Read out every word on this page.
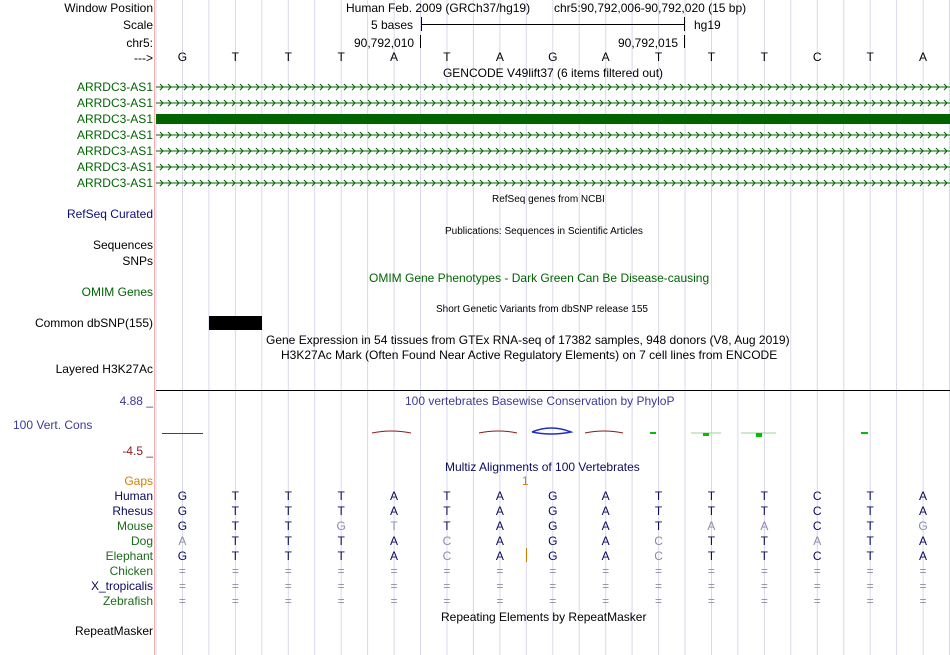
Window Position	Human Feb. 2009 (GRCh37/hg19) chr5:90,792,006-90,792,020 (15 bp)
Scale	5 bases	hg19
chr5:	90,792,010	90,792,015
--->	G	T	T	T	A	T	A	G	A	T	T	T	C	T	A
GENCODE V49lift37 (6 items filtered out)
ARRDC3-AS1
ARRDC3-AS1
ARRDC3-AS1
ARRDC3-AS1
ARRDC3-AS1
ARRDC3-AS1
ARRDC3-AS1
RefSeq genes from NCBI
RefSeq Curated
Publications: Sequences in Scientific Articles
Sequences
SNPs
OMIM Gene Phenotypes - Dark Green Can Be Disease-causing
OMIM Genes
Short Genetic Variants from dbSNP release 155
Common dbSNP(155)
Gene Expression in 54 tissues from GTEx RNA-seq of 17382 samples, 948 donors (V8, Aug 2019)
H3K27Ac Mark (Often Found Near Active Regulatory Elements) on 7 cell lines from ENCODE
Layered H3K27Ac
4.88 _	100 vertebrates Basewise Conservation by PhyloP
100 Vert. Cons
-4.5 _
Multiz Alignments of 100 Vertebrates
Gaps	1
Human	G	T	T	T	A	T	A	G	A	T	T	T	C	T	A
Rhesus	G	T	T	T	A	T	A	G	A	T	T	T	C	T	A
Mouse	G	T	T	G	T	T	A	G	A	T	A	A	C	T	G
Dog	A	T	T	T	A	C	A	G	A	C	T	T	A	T	A
Elephant	G	T	T	T	A	C	A	G	A	C	T	T	C	T	A
Chicken	=	=	=	=	=	=	=	=	=	=	=	=	=	=	=
X_tropicalis	=	=	=	=	=	=	=	=	=	=	=	=	=	=	=
Zebrafish	=	=	=	=	=	=	=	=	=	=	=	=	=	=	=
Repeating Elements by RepeatMasker
RepeatMasker
